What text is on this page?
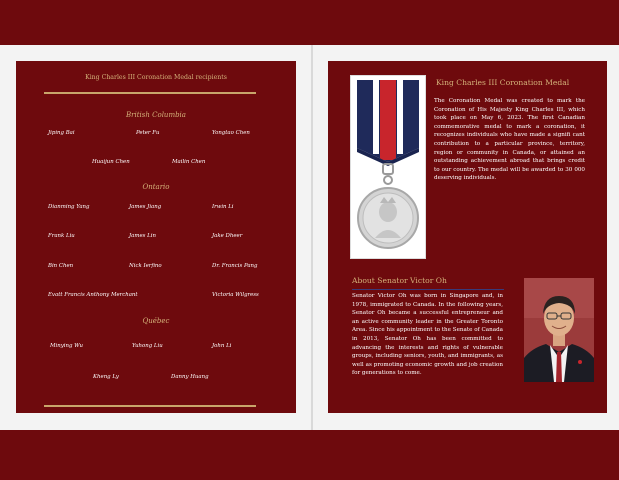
King Charles III Coronation Medal recipients
British Columbia
Jiping Bai	Peter Fu	Yongtao Chen
Huaijun Chen	Mailin Chen
Ontario
Dianming Yang	James Jiang	Irwin Li
Frank Liu	James Lin	Jake Dheer
Bin Chen	Nick Ierfino	Dr. Francis Pang
Evatt Francis Anthony Merchant	Victoria Wilgress
Québec
Minying Wu	Yuhong Liu	John Li
Kheng Ly	Danny Huang
King Charles III Coronation Medal
The Coronation Medal was created to mark the Coronation of His Majesty King Charles III, which took place on May 6, 2023. The first Canadian commemorative medal to mark a coronation, it recognizes individuals who have made a signifi cant contribution to a particular province, territory, region or community in Canada, or attained an outstanding achievement abroad that brings credit to our country. The medal will be awarded to 30 000 deserving individuals.
About Senator Victor Oh
Senator Victor Oh was born in Singapore and, in 1978, immigrated to Canada. In the following years, Senator Oh became a successful entrepreneur and an active community leader in the Greater Toronto Area. Since his appointment to the Senate of Canada in 2013, Senator Oh has been committed to advancing the interests and rights of vulnerable groups, including seniors, youth, and immigrants, as well as promoting economic growth and job creation for generations to come.
